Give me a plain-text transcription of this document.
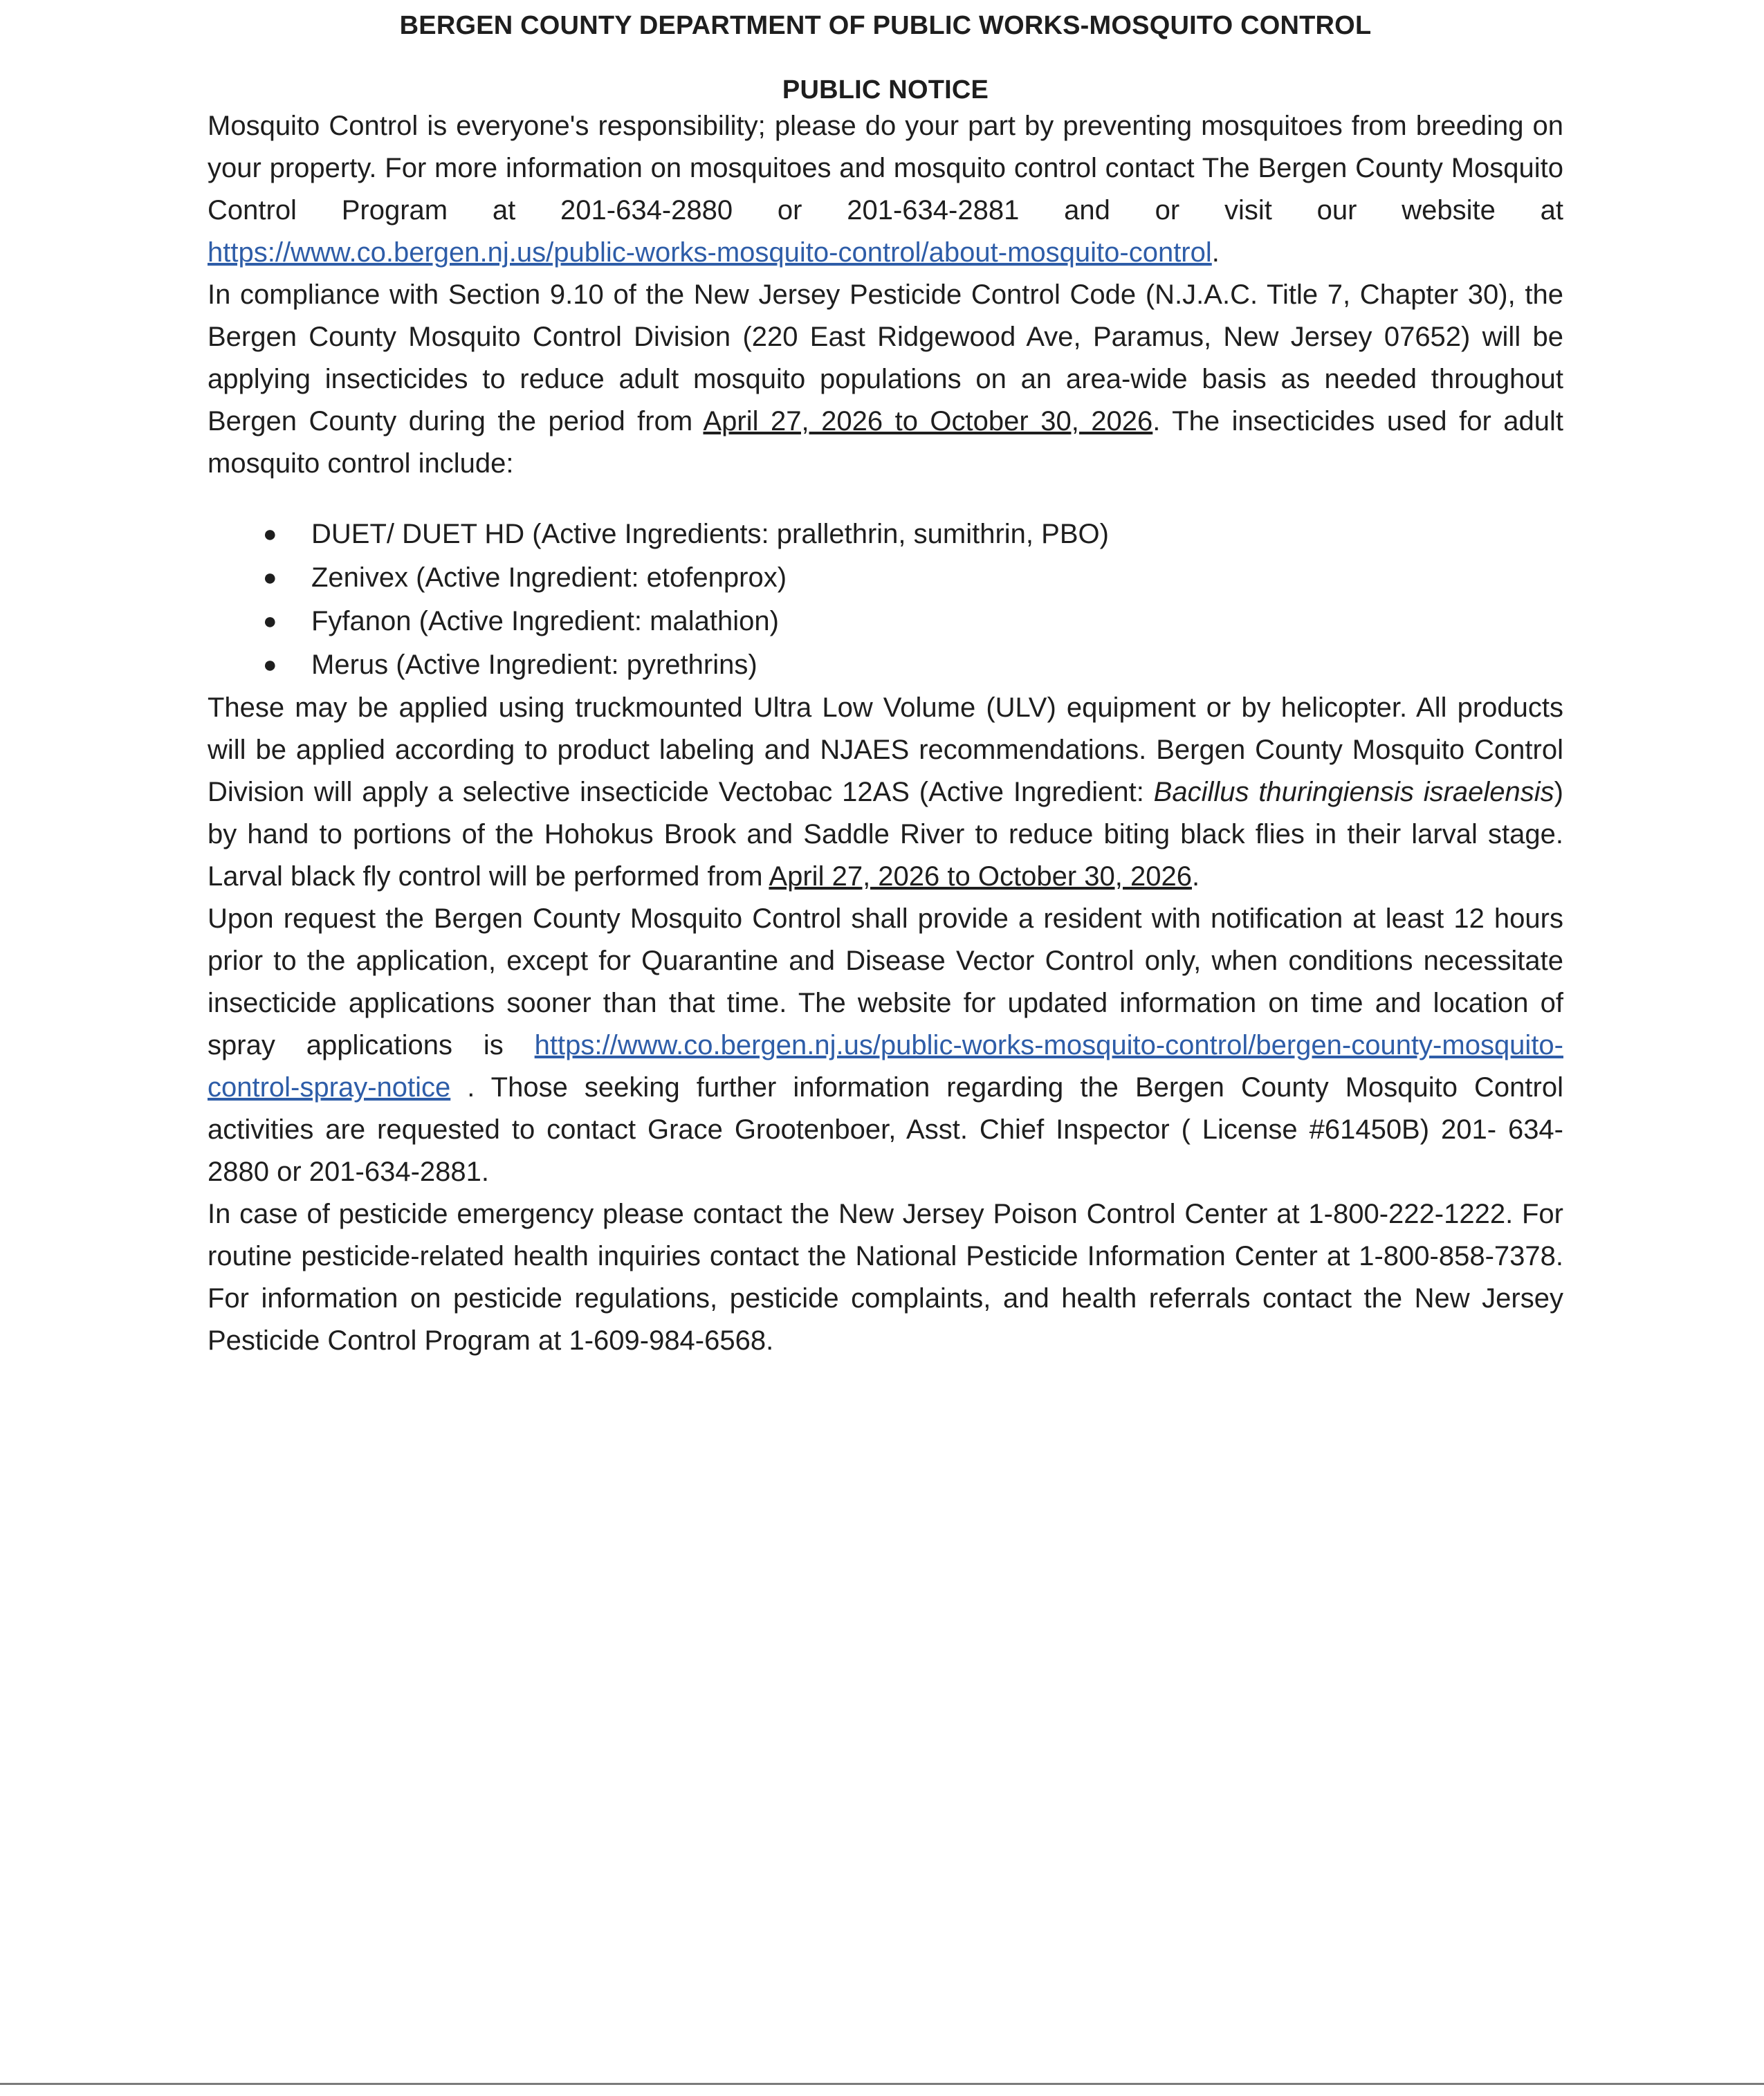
BERGEN COUNTY DEPARTMENT OF PUBLIC WORKS-MOSQUITO CONTROL
PUBLIC NOTICE

Mosquito Control is everyone's responsibility; please do your part by preventing mosquitoes from breeding on your property. For more information on mosquitoes and mosquito control contact The Bergen County Mosquito Control Program at 201-634-2880 or 201-634-2881 and or visit our website at https://www.co.bergen.nj.us/public-works-mosquito-control/about-mosquito-control.

In compliance with Section 9.10 of the New Jersey Pesticide Control Code (N.J.A.C. Title 7, Chapter 30), the Bergen County Mosquito Control Division (220 East Ridgewood Ave, Paramus, New Jersey 07652) will be applying insecticides to reduce adult mosquito populations on an area-wide basis as needed throughout Bergen County during the period from April 27, 2026 to October 30, 2026. The insecticides used for adult mosquito control include:

● DUET/ DUET HD (Active Ingredients: prallethrin, sumithrin, PBO)
● Zenivex (Active Ingredient: etofenprox)
● Fyfanon (Active Ingredient: malathion)
● Merus (Active Ingredient: pyrethrins)

These may be applied using truckmounted Ultra Low Volume (ULV) equipment or by helicopter. All products will be applied according to product labeling and NJAES recommendations. Bergen County Mosquito Control Division will apply a selective insecticide Vectobac 12AS (Active Ingredient: Bacillus thuringiensis israelensis) by hand to portions of the Hohokus Brook and Saddle River to reduce biting black flies in their larval stage. Larval black fly control will be performed from April 27, 2026 to October 30, 2026.

Upon request the Bergen County Mosquito Control shall provide a resident with notification at least 12 hours prior to the application, except for Quarantine and Disease Vector Control only, when conditions necessitate insecticide applications sooner than that time. The website for updated information on time and location of spray applications is https://www.co.bergen.nj.us/public-works-mosquito-control/bergen-county-mosquito-control-spray-notice . Those seeking further information regarding the Bergen County Mosquito Control activities are requested to contact Grace Grootenboer, Asst. Chief Inspector ( License #61450B) 201- 634-2880 or 201-634-2881.

In case of pesticide emergency please contact the New Jersey Poison Control Center at 1-800-222-1222. For routine pesticide-related health inquiries contact the National Pesticide Information Center at 1-800-858-7378. For information on pesticide regulations, pesticide complaints, and health referrals contact the New Jersey Pesticide Control Program at 1-609-984-6568.
